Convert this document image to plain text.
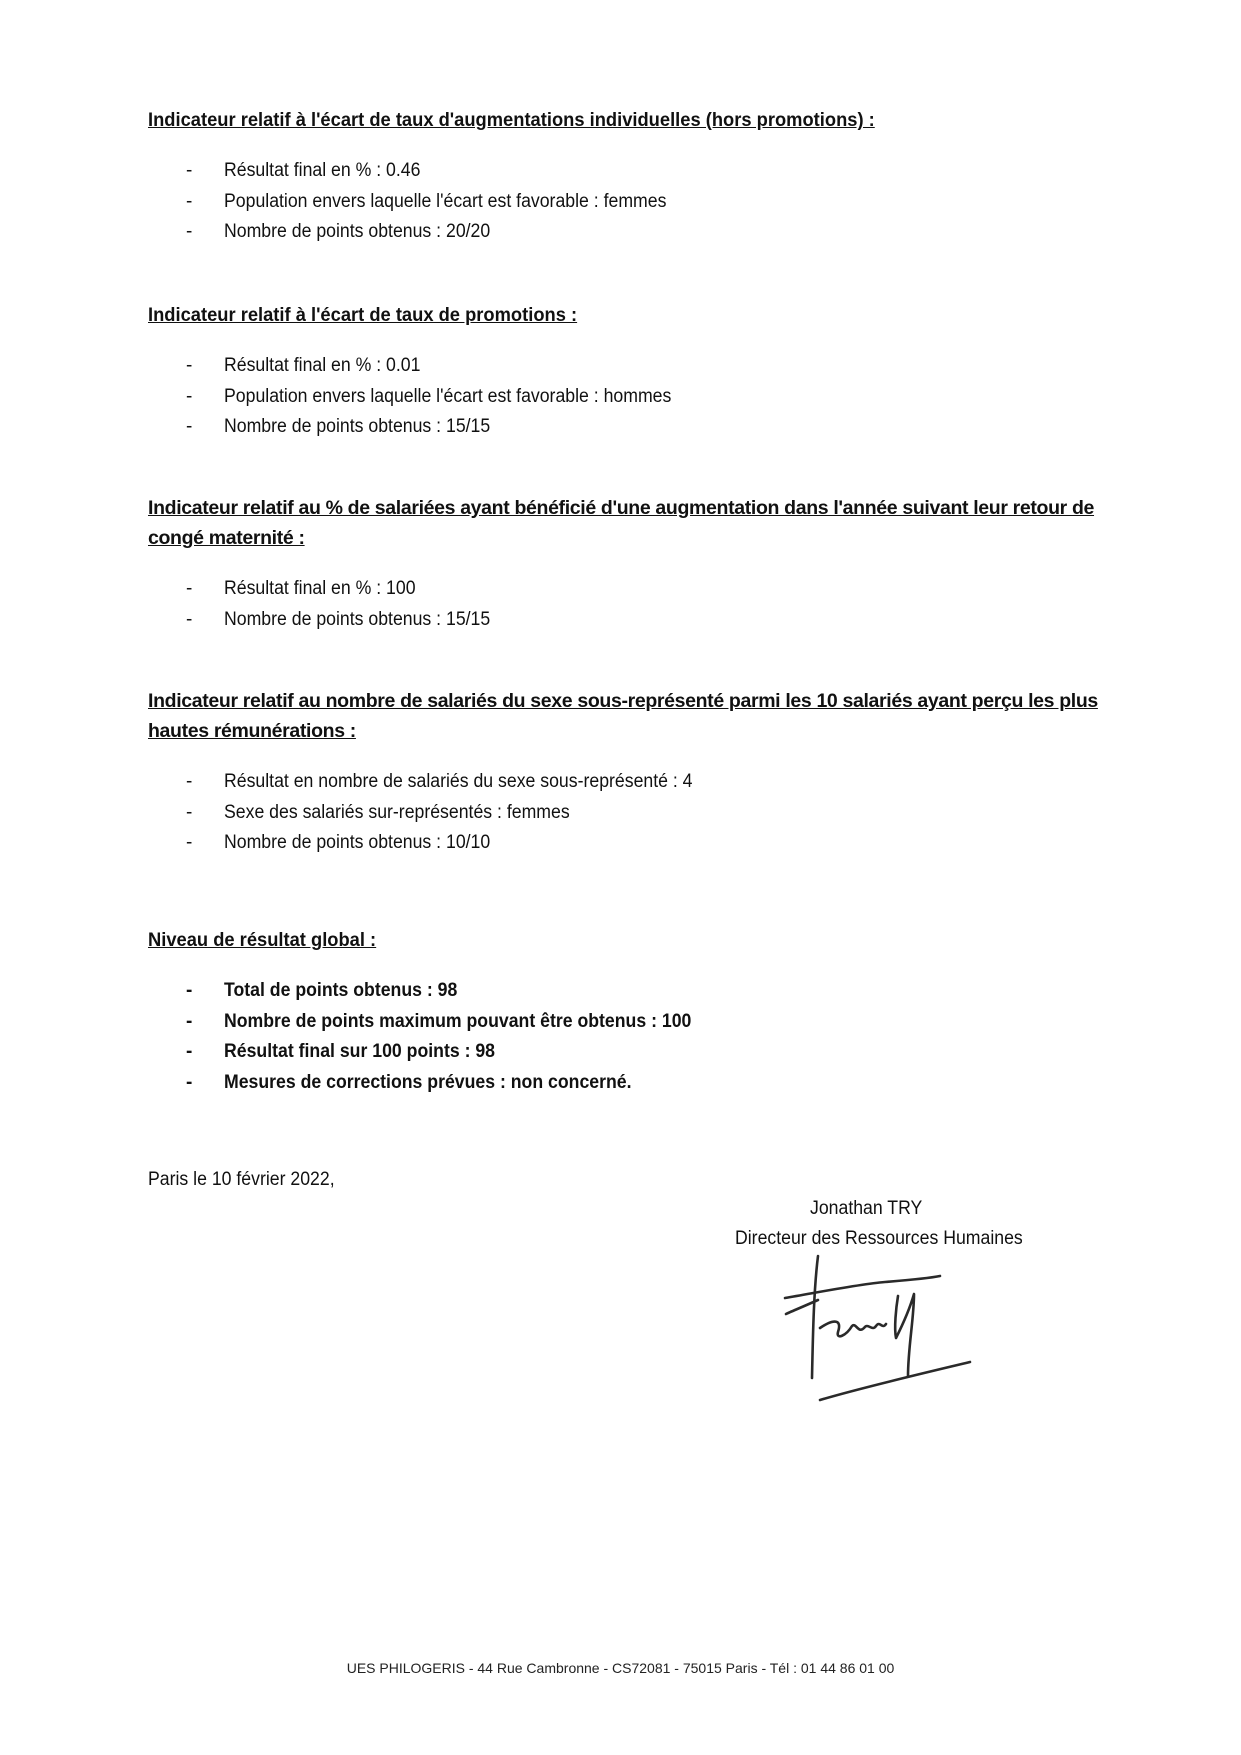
Indicateur relatif à l'écart de taux d'augmentations individuelles (hors promotions) :

- Résultat final en % : 0.46
- Population envers laquelle l'écart est favorable : femmes
- Nombre de points obtenus : 20/20

Indicateur relatif à l'écart de taux de promotions :

- Résultat final en % : 0.01
- Population envers laquelle l'écart est favorable : hommes
- Nombre de points obtenus : 15/15

Indicateur relatif au % de salariées ayant bénéficié d'une augmentation dans l'année suivant leur retour de congé maternité :

- Résultat final en % : 100
- Nombre de points obtenus : 15/15

Indicateur relatif au nombre de salariés du sexe sous-représenté parmi les 10 salariés ayant perçu les plus hautes rémunérations :

- Résultat en nombre de salariés du sexe sous-représenté : 4
- Sexe des salariés sur-représentés : femmes
- Nombre de points obtenus : 10/10

Niveau de résultat global :

- Total de points obtenus : 98
- Nombre de points maximum pouvant être obtenus : 100
- Résultat final sur 100 points : 98
- Mesures de corrections prévues : non concerné.
Paris le 10 février 2022,
Jonathan TRY
Directeur des Ressources Humaines
UES PHILOGERIS - 44 Rue Cambronne - CS72081 - 75015 Paris - Tél : 01 44 86 01 00
